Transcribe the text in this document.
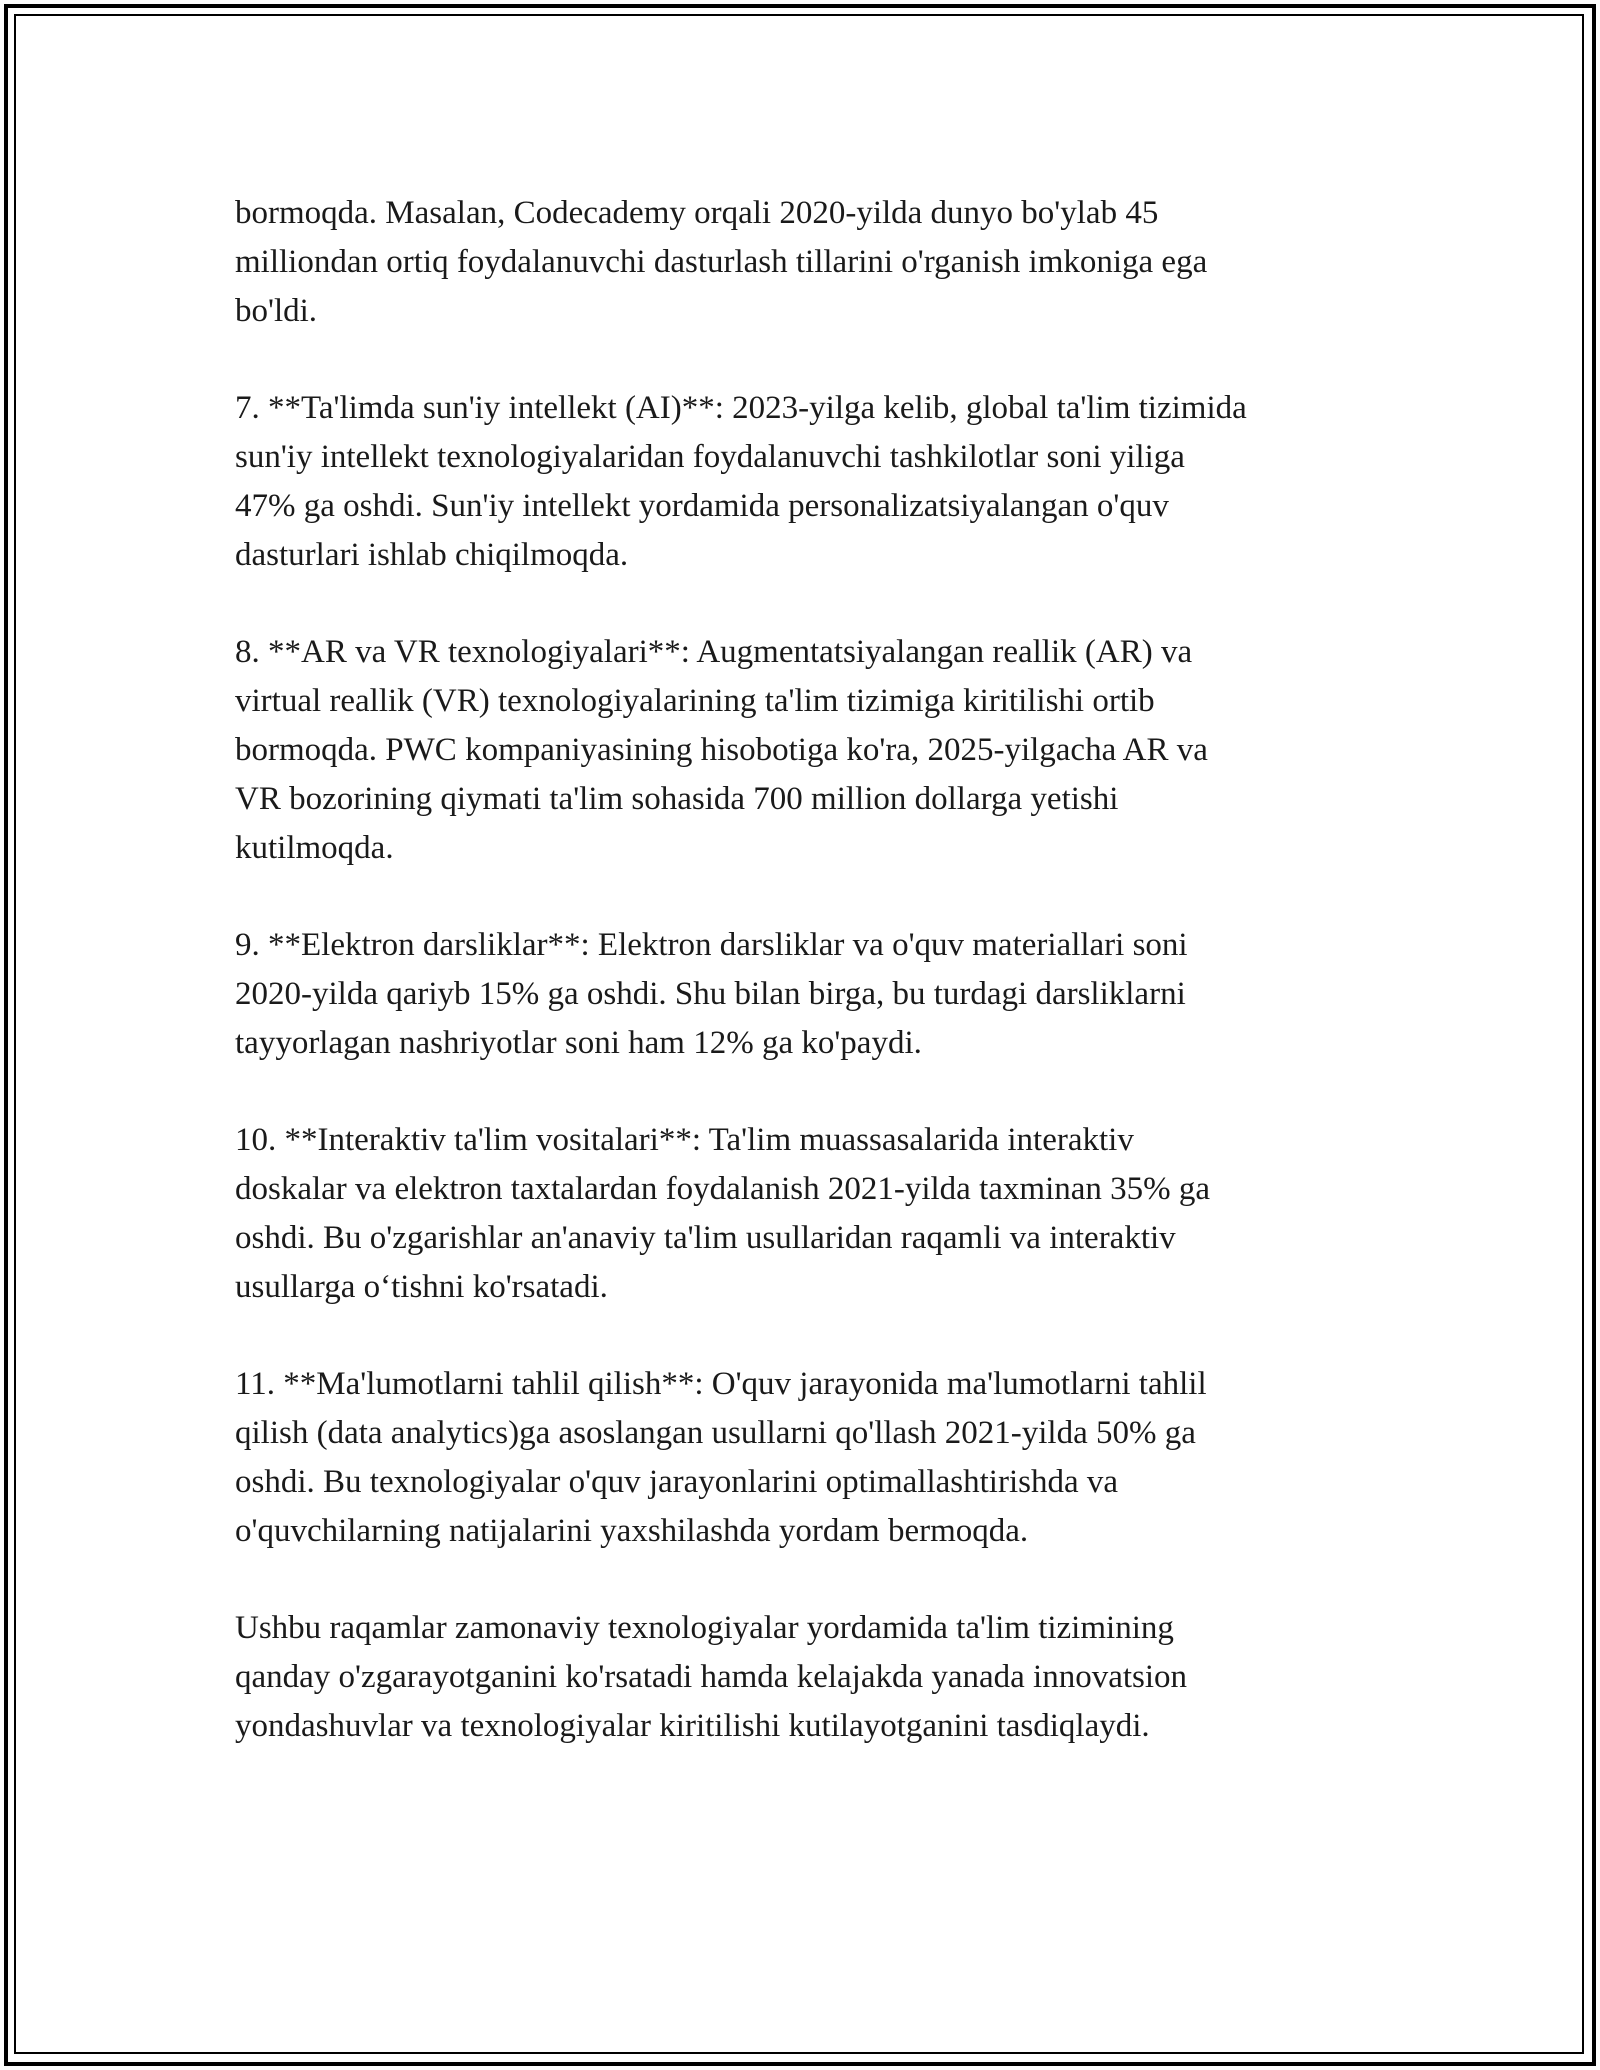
bormoqda. Masalan, Codecademy orqali 2020-yilda dunyo bo'ylab 45
milliondan ortiq foydalanuvchi dasturlash tillarini o'rganish imkoniga ega
bo'ldi.

7. **Ta'limda sun'iy intellekt (AI)**: 2023-yilga kelib, global ta'lim tizimida
sun'iy intellekt texnologiyalaridan foydalanuvchi tashkilotlar soni yiliga
47% ga oshdi. Sun'iy intellekt yordamida personalizatsiyalangan o'quv
dasturlari ishlab chiqilmoqda.

8. **AR va VR texnologiyalari**: Augmentatsiyalangan reallik (AR) va
virtual reallik (VR) texnologiyalarining ta'lim tizimiga kiritilishi ortib
bormoqda. PWC kompaniyasining hisobotiga ko'ra, 2025-yilgacha AR va
VR bozorining qiymati ta'lim sohasida 700 million dollarga yetishi
kutilmoqda.

9. **Elektron darsliklar**: Elektron darsliklar va o'quv materiallari soni
2020-yilda qariyb 15% ga oshdi. Shu bilan birga, bu turdagi darsliklarni
tayyorlagan nashriyotlar soni ham 12% ga ko'paydi.

10. **Interaktiv ta'lim vositalari**: Ta'lim muassasalarida interaktiv
doskalar va elektron taxtalardan foydalanish 2021-yilda taxminan 35% ga
oshdi. Bu o'zgarishlar an'anaviy ta'lim usullaridan raqamli va interaktiv
usullarga o‘tishni ko'rsatadi.

11. **Ma'lumotlarni tahlil qilish**: O'quv jarayonida ma'lumotlarni tahlil
qilish (data analytics)ga asoslangan usullarni qo'llash 2021-yilda 50% ga
oshdi. Bu texnologiyalar o'quv jarayonlarini optimallashtirishda va
o'quvchilarning natijalarini yaxshilashda yordam bermoqda.

Ushbu raqamlar zamonaviy texnologiyalar yordamida ta'lim tizimining
qanday o'zgarayotganini ko'rsatadi hamda kelajakda yanada innovatsion
yondashuvlar va texnologiyalar kiritilishi kutilayotganini tasdiqlaydi.
